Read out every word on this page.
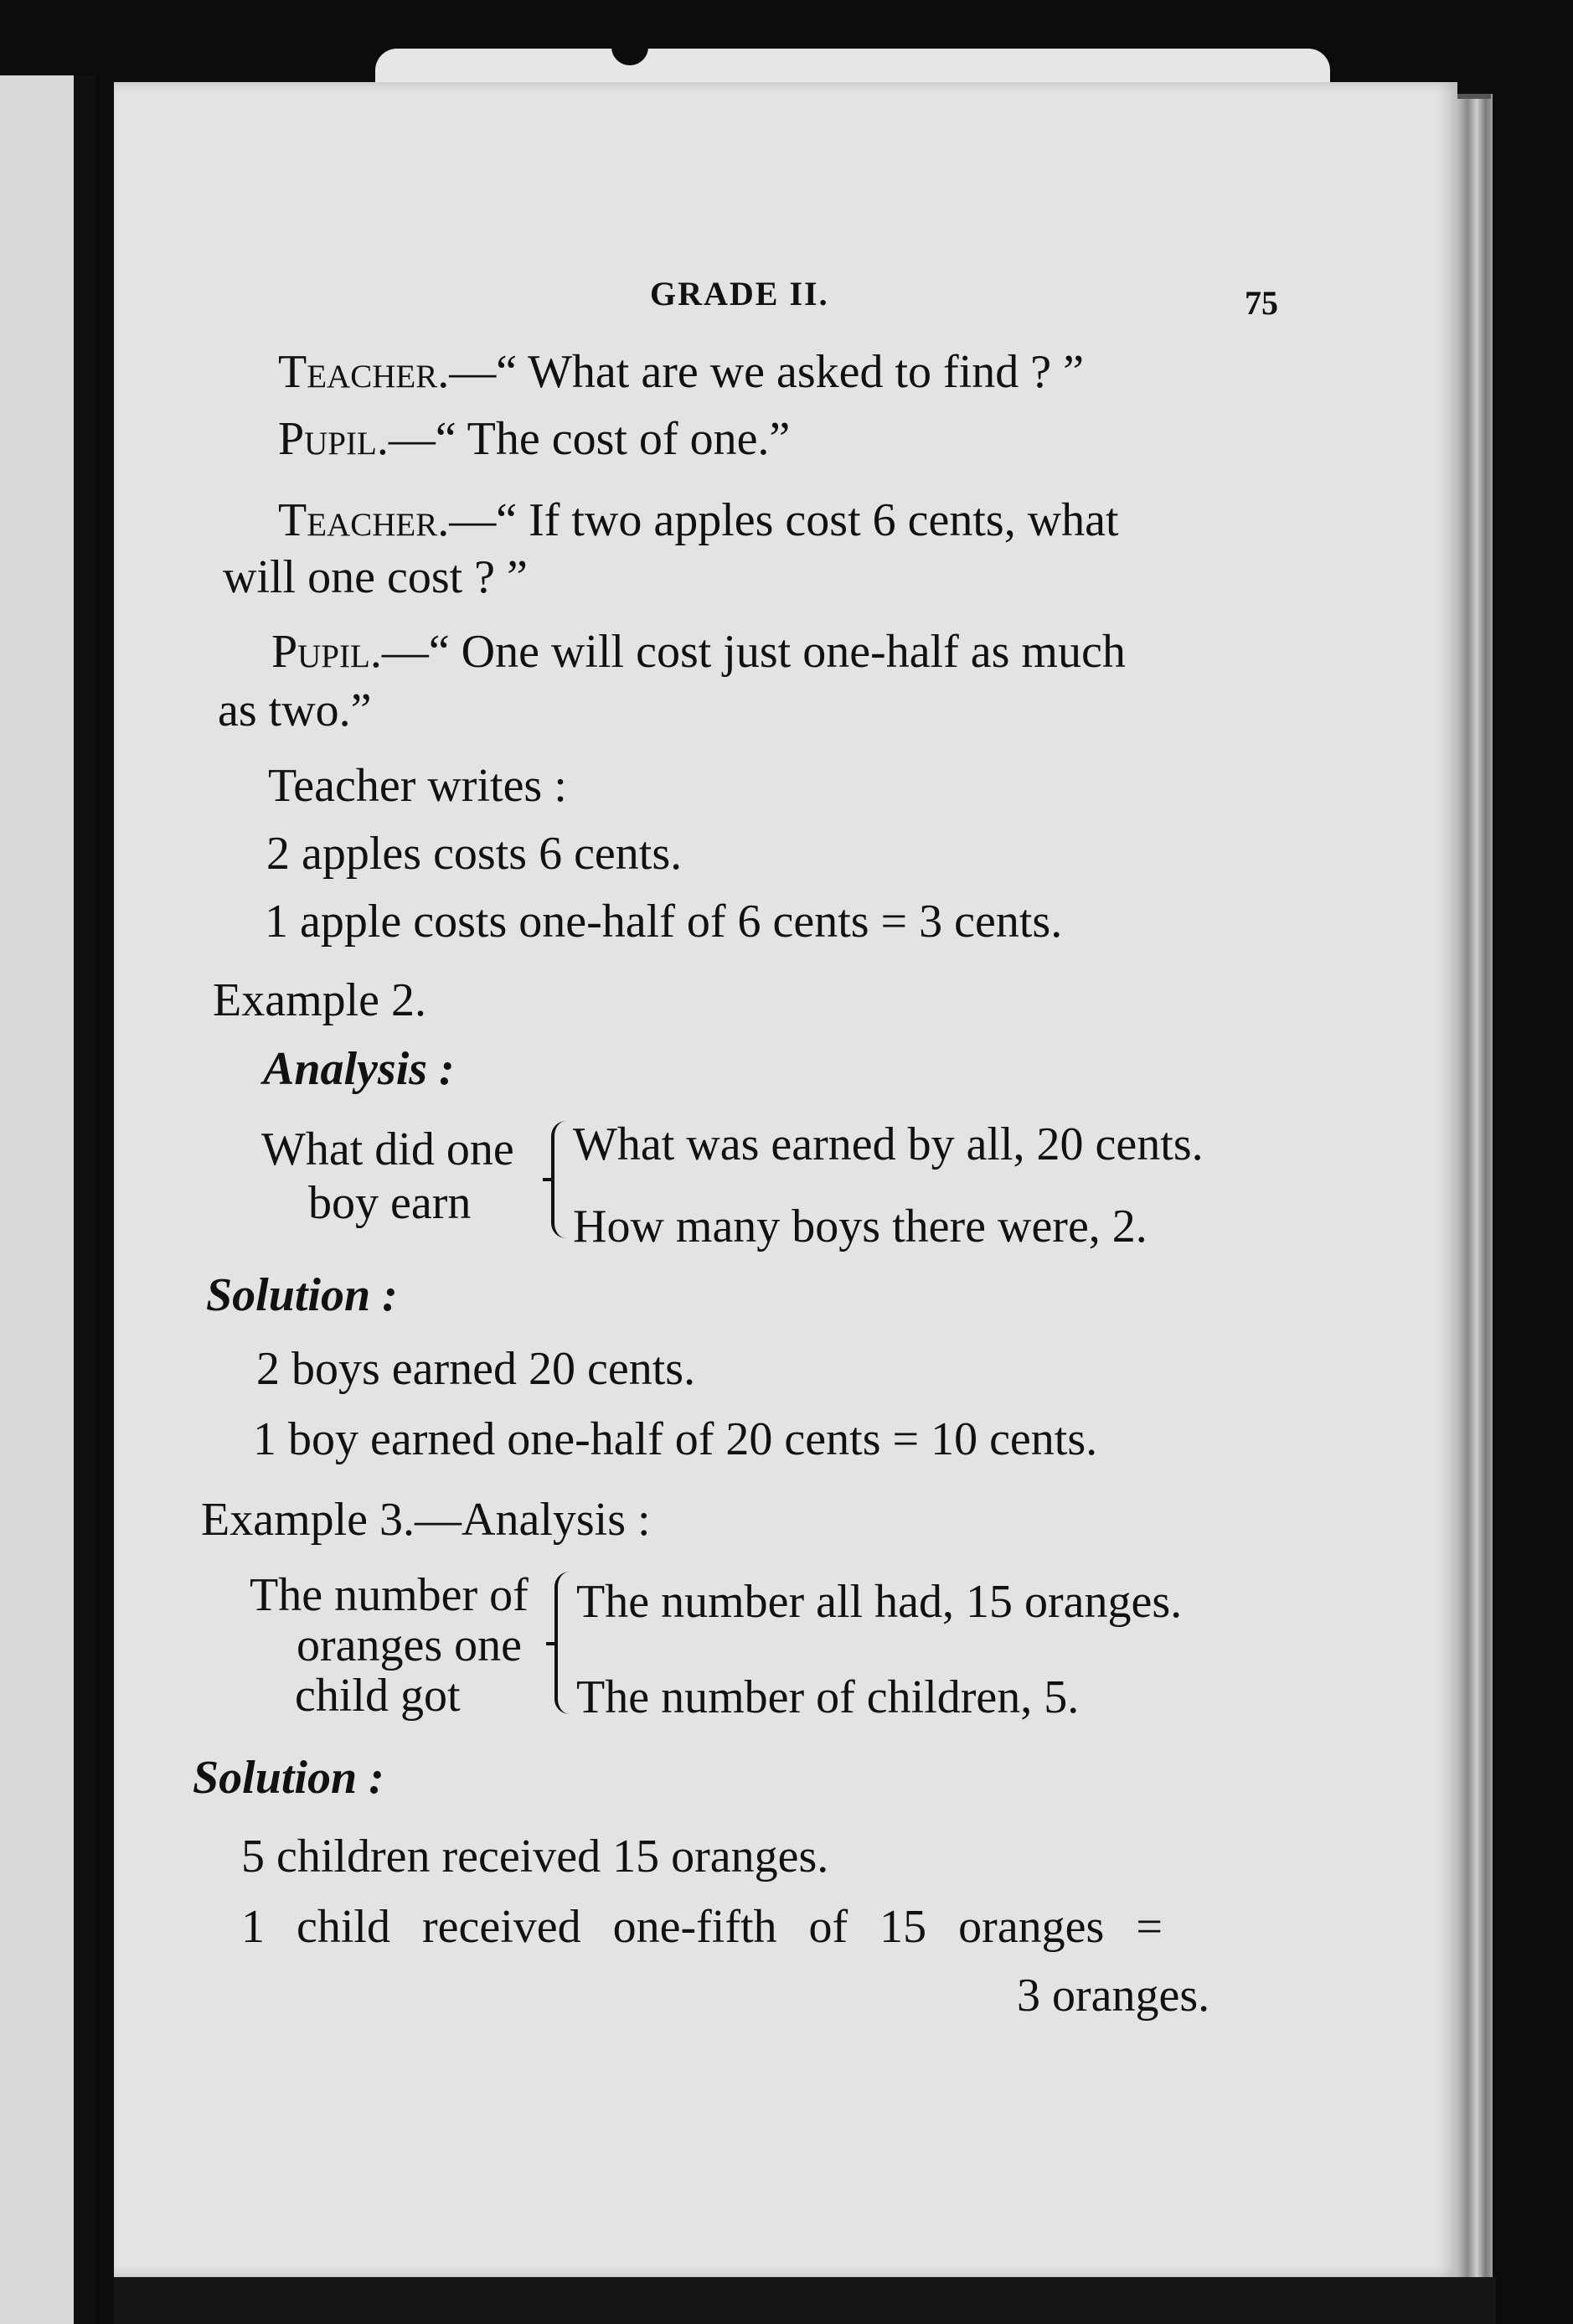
GRADE II.	75
Teacher.—“ What are we asked to find ? ”
Pupil.—“ The cost of one.”
Teacher.—“ If two apples cost 6 cents, what
will one cost ? ”
Pupil.—“ One will cost just one-half as much
as two.”
Teacher writes :
2 apples costs 6 cents.
1 apple costs one-half of 6 cents = 3 cents.
Example 2.
Analysis :
What did one
boy earn
What was earned by all, 20 cents.
How many boys there were, 2.
Solution :
2 boys earned 20 cents.
1 boy earned one-half of 20 cents = 10 cents.
Example 3.—Analysis :
The number of
oranges one
child got
The number all had, 15 oranges.
The number of children, 5.
Solution :
5 children received 15 oranges.
1 child received one-fifth of 15 oranges =
3 oranges.
